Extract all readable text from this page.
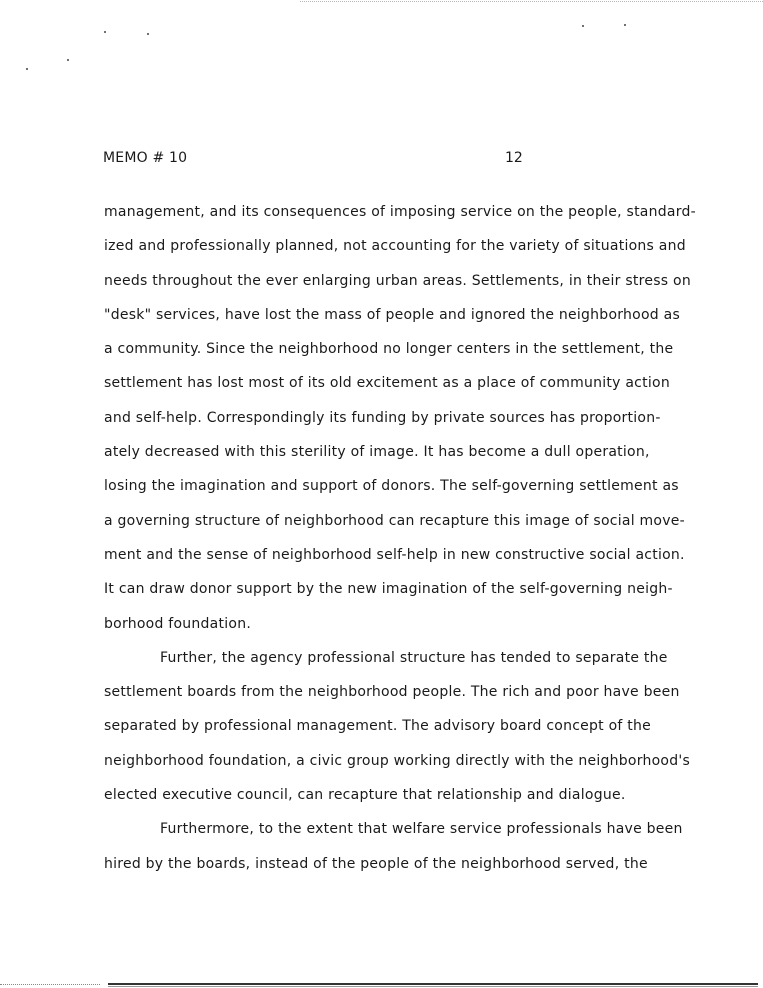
MEMO # 10	12
management, and its consequences of imposing service on the people, standard-
ized and professionally planned, not accounting for the variety of situations and
needs throughout the ever enlarging urban areas. Settlements, in their stress on
"desk" services, have lost the mass of people and ignored the neighborhood as
a community. Since the neighborhood no longer centers in the settlement, the
settlement has lost most of its old excitement as a place of community action
and self-help. Correspondingly its funding by private sources has proportion-
ately decreased with this sterility of image. It has become a dull operation,
losing the imagination and support of donors. The self-governing settlement as
a governing structure of neighborhood can recapture this image of social move-
ment and the sense of neighborhood self-help in new constructive social action.
It can draw donor support by the new imagination of the self-governing neigh-
borhood foundation.
Further, the agency professional structure has tended to separate the
settlement boards from the neighborhood people. The rich and poor have been
separated by professional management. The advisory board concept of the
neighborhood foundation, a civic group working directly with the neighborhood's
elected executive council, can recapture that relationship and dialogue.
Furthermore, to the extent that welfare service professionals have been
hired by the boards, instead of the people of the neighborhood served, the
